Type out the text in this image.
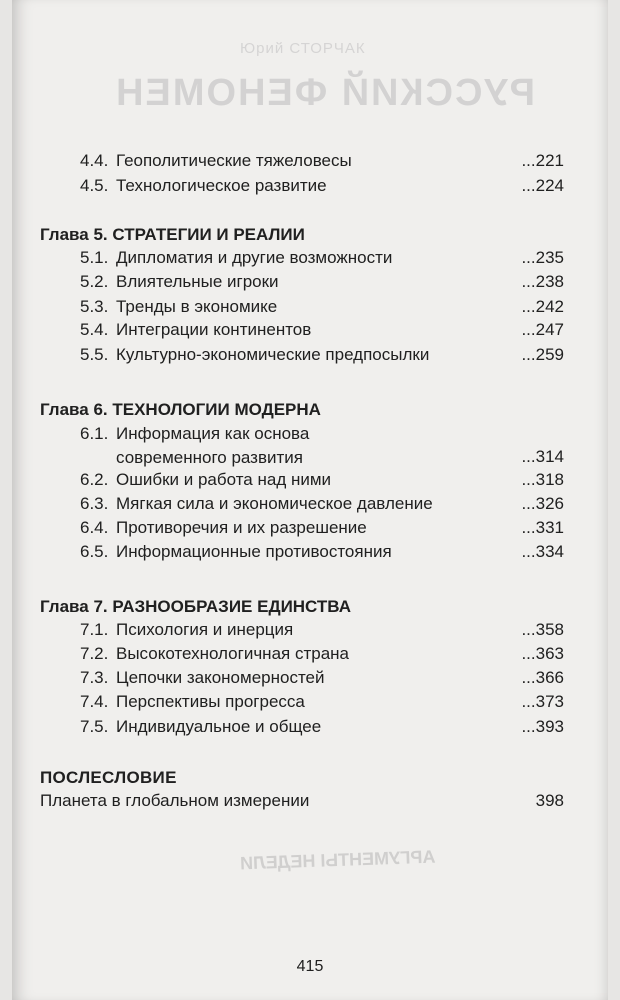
Юрий СТОРЧАК
РУССКИЙ ФЕНОМЕН
АРГУМЕНТЫ НЕДЕЛИ
4.4. Геополитические тяжеловесы	...221
4.5. Технологическое развитие	...224
Глава 5. СТРАТЕГИИ И РЕАЛИИ
5.1. Дипломатия и другие возможности	...235
5.2. Влиятельные игроки	...238
5.3. Тренды в экономике	...242
5.4. Интеграции континентов	...247
5.5. Культурно-экономические предпосылки	...259
Глава 6. ТЕХНОЛОГИИ МОДЕРНА
6.1. Информация как основа
современного развития	...314
6.2. Ошибки и работа над ними	...318
6.3. Мягкая сила и экономическое давление	...326
6.4. Противоречия и их разрешение	...331
6.5. Информационные противостояния	...334
Глава 7. РАЗНООБРАЗИЕ ЕДИНСТВА
7.1. Психология и инерция	...358
7.2. Высокотехнологичная страна	...363
7.3. Цепочки закономерностей	...366
7.4. Перспективы прогресса	...373
7.5. Индивидуальное и общее	...393
ПОСЛЕСЛОВИЕ
Планета в глобальном измерении	398
415
